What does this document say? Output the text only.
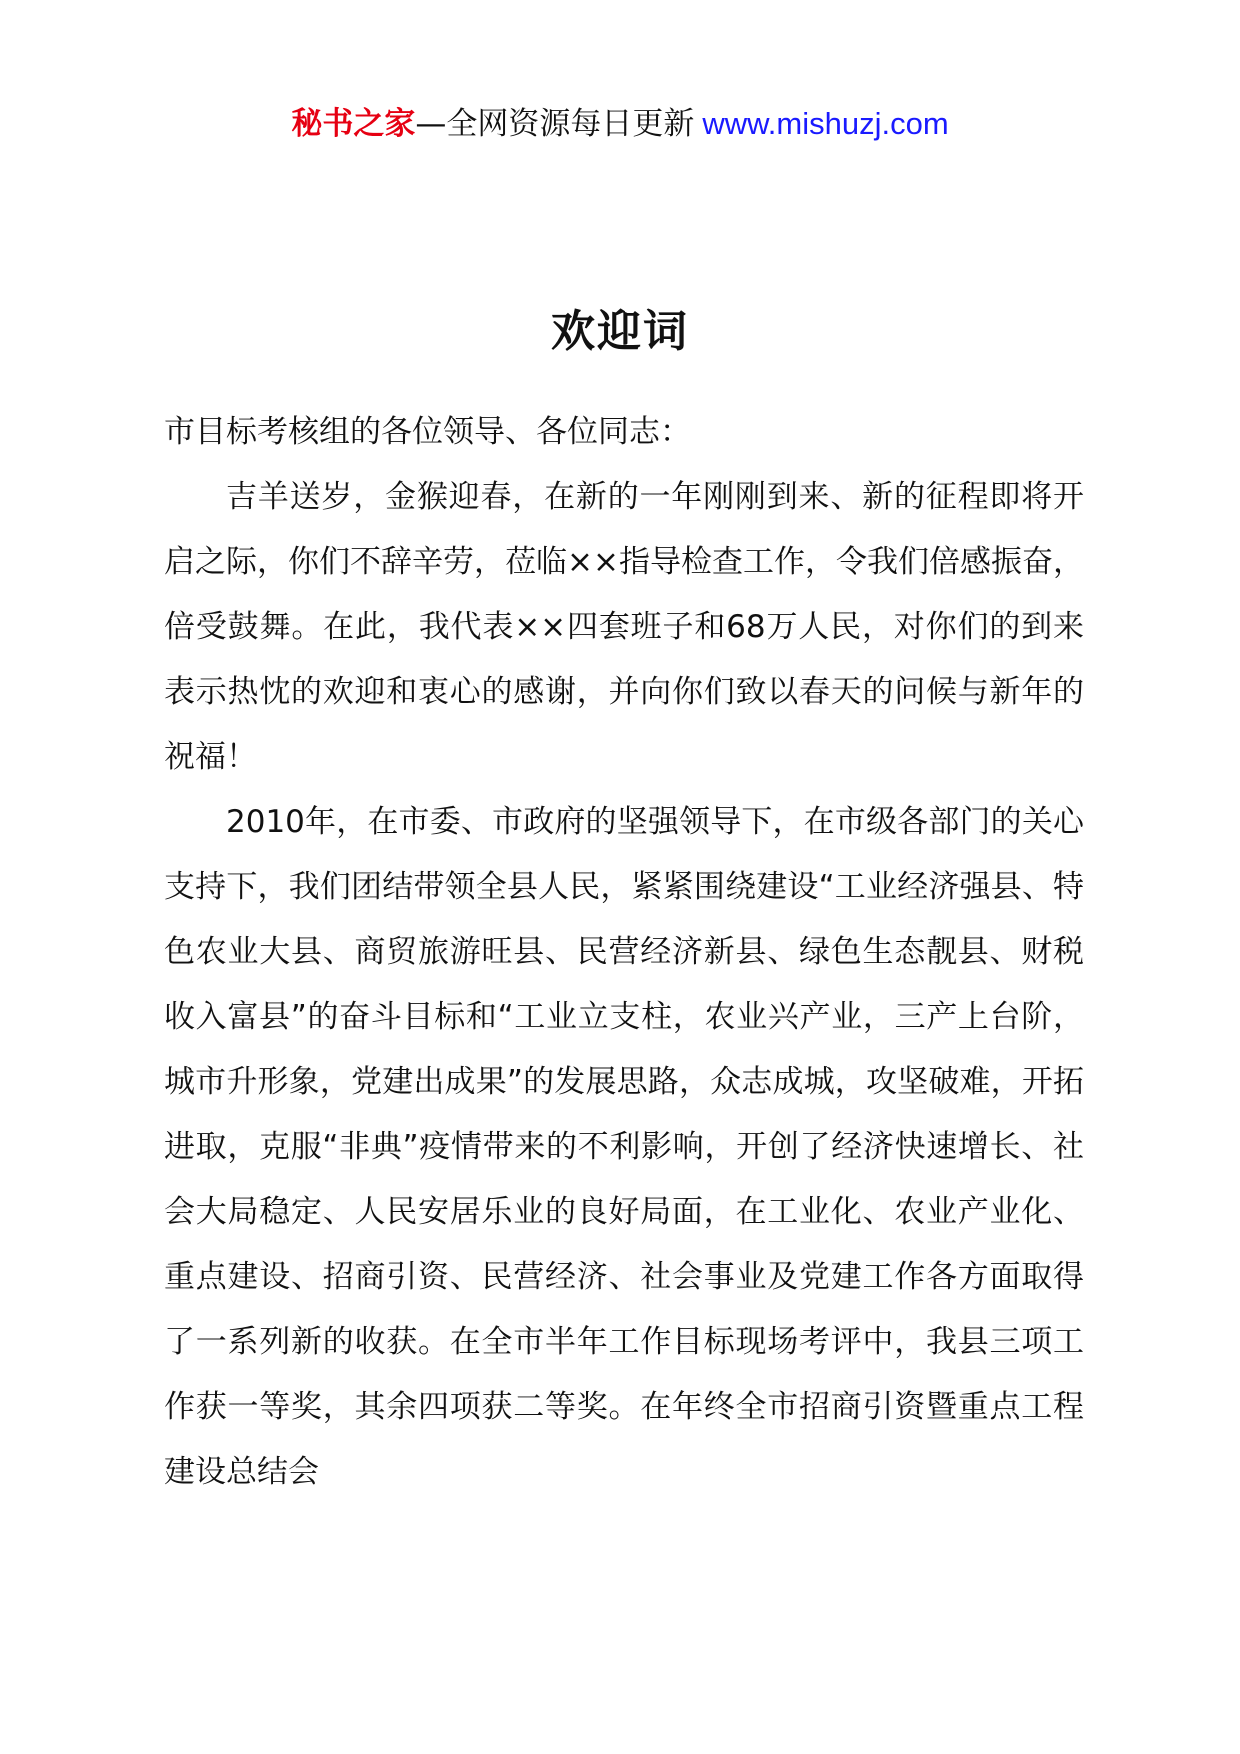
秘书之家—全网资源每日更新 www.mishuzj.com
欢迎词

市目标考核组的各位领导、各位同志：

吉羊送岁，金猴迎春，在新的一年刚刚到来、新的征程即将开启之际，你们不辞辛劳，莅临××指导检查工作，令我们倍感振奋，倍受鼓舞。在此，我代表××四套班子和68万人民，对你们的到来表示热忱的欢迎和衷心的感谢，并向你们致以春天的问候与新年的祝福！

2010年，在市委、市政府的坚强领导下，在市级各部门的关心支持下，我们团结带领全县人民，紧紧围绕建设“工业经济强县、特色农业大县、商贸旅游旺县、民营经济新县、绿色生态靓县、财税收入富县”的奋斗目标和“工业立支柱，农业兴产业，三产上台阶，城市升形象，党建出成果”的发展思路，众志成城，攻坚破难，开拓进取，克服“非典”疫情带来的不利影响，开创了经济快速增长、社会大局稳定、人民安居乐业的良好局面，在工业化、农业产业化、重点建设、招商引资、民营经济、社会事业及党建工作各方面取得了一系列新的收获。在全市半年工作目标现场考评中，我县三项工作获一等奖，其余四项获二等奖。在年终全市招商引资暨重点工程建设总结会
